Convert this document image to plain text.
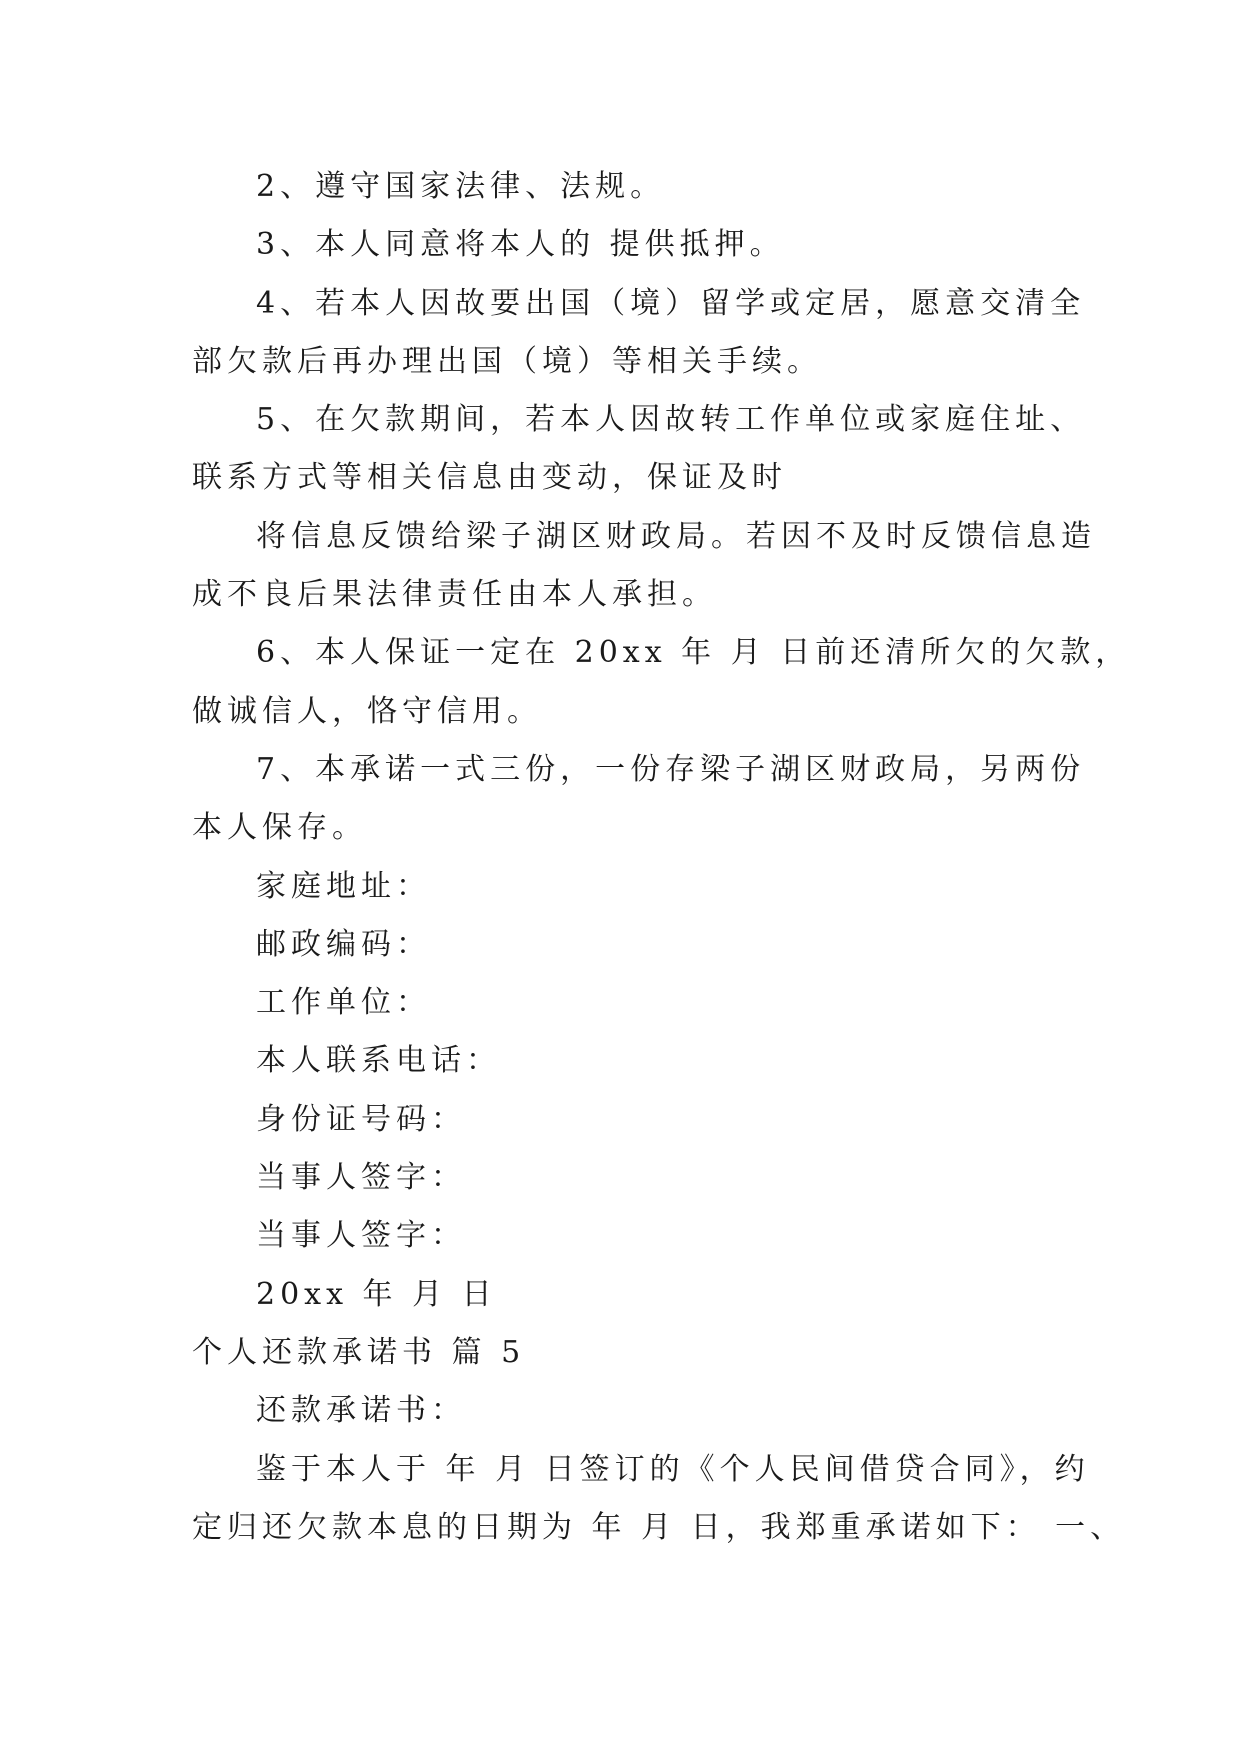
2、遵守国家法律、法规。
3、本人同意将本人的 提供抵押。
4、若本人因故要出国（境）留学或定居，愿意交清全
部欠款后再办理出国（境）等相关手续。
5、在欠款期间，若本人因故转工作单位或家庭住址、
联系方式等相关信息由变动，保证及时
将信息反馈给梁子湖区财政局。若因不及时反馈信息造
成不良后果法律责任由本人承担。
6、本人保证一定在 20xx 年 月 日前还清所欠的欠款，
做诚信人，恪守信用。
7、本承诺一式三份，一份存梁子湖区财政局，另两份
本人保存。
家庭地址：
邮政编码：
工作单位：
本人联系电话：
身份证号码：
当事人签字：
当事人签字：
20xx 年 月 日
个人还款承诺书 篇 5
还款承诺书：
鉴于本人于 年 月 日签订的《个人民间借贷合同》，约
定归还欠款本息的日期为 年 月 日，我郑重承诺如下： 一、
